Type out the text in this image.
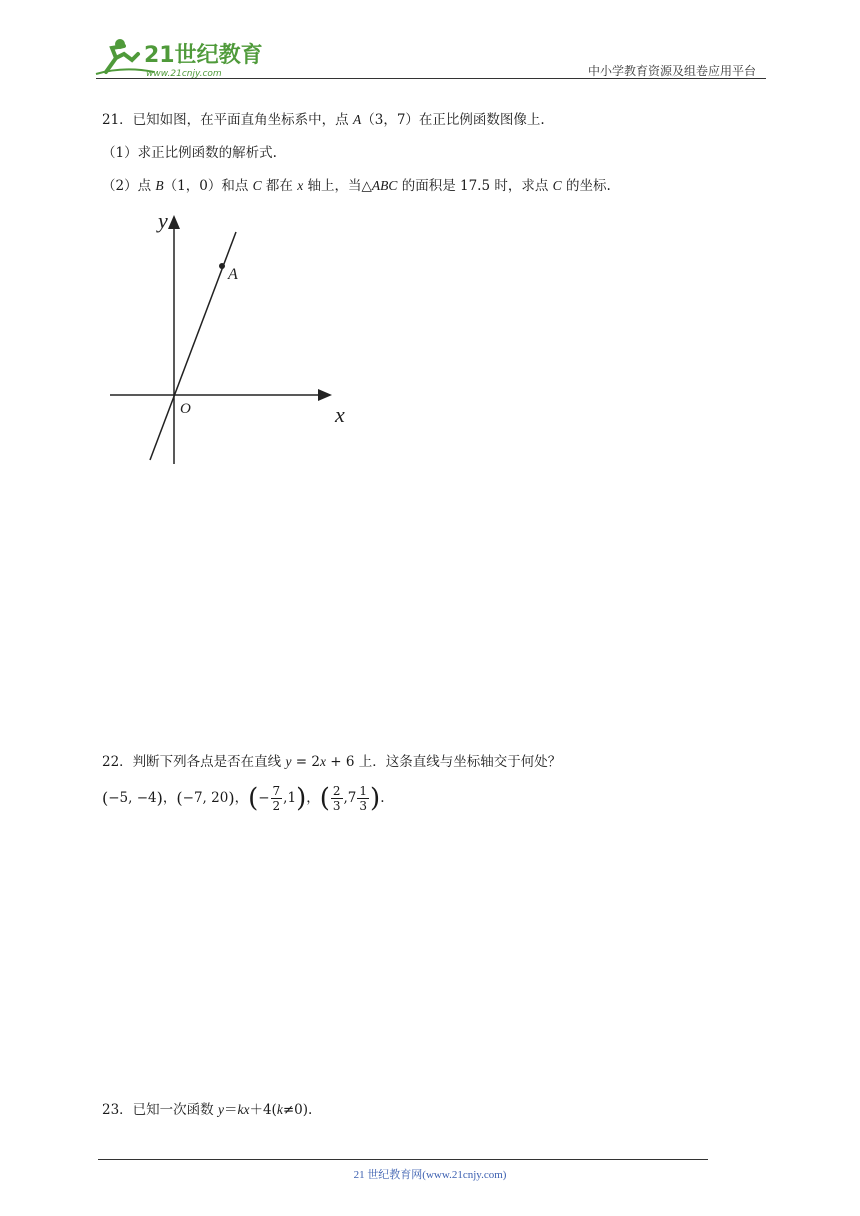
21世纪教育
www.21cnjy.com	中小学教育资源及组卷应用平台
21．已知如图，在平面直角坐标系中，点 A（3，7）在正比例函数图像上.
（1）求正比例函数的解析式.
（2）点 B（1，0）和点 C 都在 x 轴上，当△ABC 的面积是 17.5 时，求点 C 的坐标.
A
y
x
O
22．判断下列各点是否在直线 y = 2x + 6 上．这条直线与坐标轴交于何处？
(−5, −4)，(−7, 20)，(− $\frac{7}{2} ,1$)，( $\frac{2}{3} ,7 \frac{1}{3}$ ).
23．已知一次函数 y＝kx＋4(k≠0).
21 世纪教育网(www.21cnjy.com)
